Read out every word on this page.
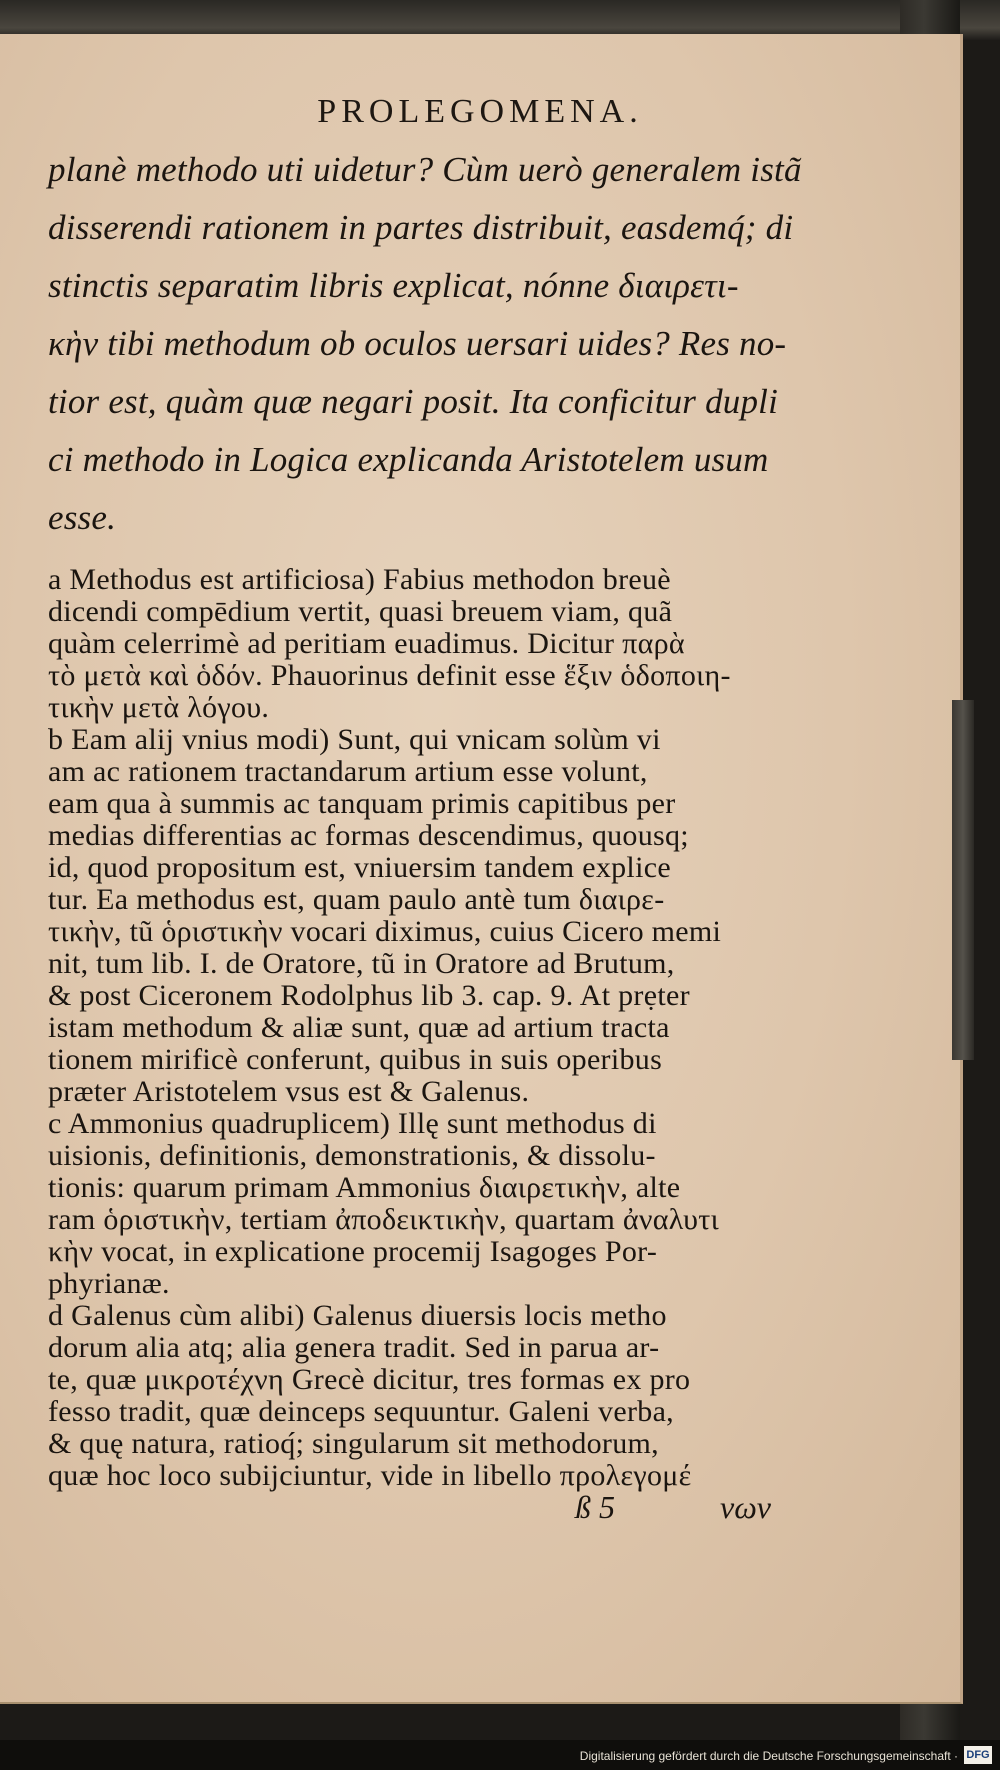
PROLEGOMENA.
planè methodo uti uidetur? Cùm uerò generalem istã
disserendi rationem in partes distribuit, easdemq́; di
stinctis separatim libris explicat, nónne διαιρετι-
κὴν tibi methodum ob oculos uersari uides? Res no-
tior est, quàm quæ negari posit. Ita conficitur dupli
ci methodo in Logica explicanda Aristotelem usum
esse.
a Methodus est artificiosa) Fabius methodon breuè
dicendi compēdium vertit, quasi breuem viam, quã
quàm celerrimè ad peritiam euadimus. Dicitur παρὰ
τὸ μετὰ καὶ ὁδόν. Phauorinus definit esse ἕξιν ὁδοποιη-
τικὴν μετὰ λόγου.
b Eam alij vnius modi) Sunt, qui vnicam solùm vi
am ac rationem tractandarum artium esse volunt,
eam qua à summis ac tanquam primis capitibus per
medias differentias ac formas descendimus, quousq;
id, quod propositum est, vniuersim tandem explice
tur. Ea methodus est, quam paulo antè tum διαιρε-
τικὴν, tũ ὁριστικὴν vocari diximus, cuius Cicero memi
nit, tum lib. I. de Oratore, tũ in Oratore ad Brutum,
& post Ciceronem Rodolphus lib 3. cap. 9. At prẹter
istam methodum & aliæ sunt, quæ ad artium tracta
tionem mirificè conferunt, quibus in suis operibus
præter Aristotelem vsus est & Galenus.
c Ammonius quadruplicem) Illę sunt methodus di
uisionis, definitionis, demonstrationis, & dissolu-
tionis: quarum primam Ammonius διαιρετικὴν, alte
ram ὁριστικὴν, tertiam ἀποδεικτικὴν, quartam ἀναλυτι
κὴν vocat, in explicatione procemij Isagoges Por-
phyrianæ.
d Galenus cùm alibi) Galenus diuersis locis metho
dorum alia atq; alia genera tradit. Sed in parua ar-
te, quæ μικροτέχνη Grecè dicitur, tres formas ex pro
fesso tradit, quæ deinceps sequuntur. Galeni verba,
& quę natura, ratioq́; singularum sit methodorum,
quæ hoc loco subijciuntur, vide in libello προλεγομέ
ß 5	νων
Digitalisierung gefördert durch die Deutsche Forschungsgemeinschaft · DFG
